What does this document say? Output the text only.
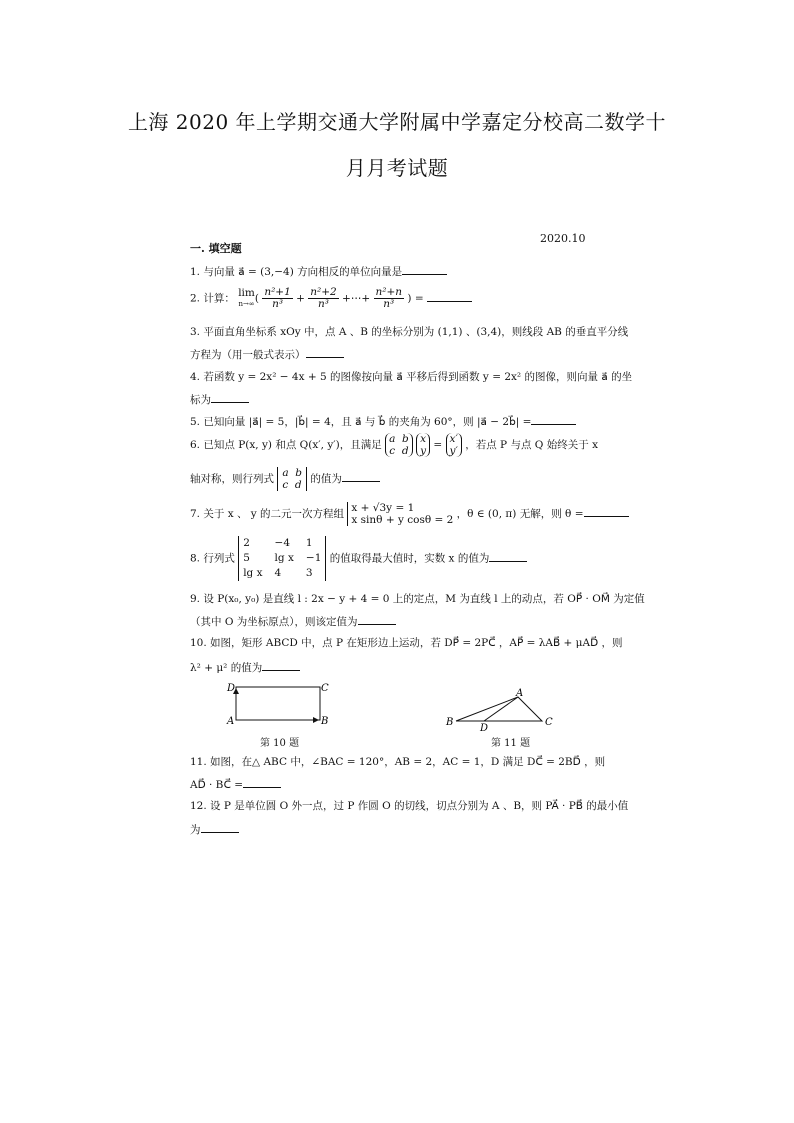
上海 2020 年上学期交通大学附属中学嘉定分校高二数学十
月月考试题
2020.10
一. 填空题
1. 与向量 a⃗ = (3,−4) 方向相反的单位向量是
2. 计算： lim
$n\to\infty( \frac{\text{n²+1}}{\text{n³}} + \frac{\text{n²+2}}{\text{n³}}$ +⋯+ $\frac{\text{n²+n}}{\text{n³}}$ ) =
3. 平面直角坐标系 xOy 中，点 A 、B 的坐标分别为 (1,1) 、(3,4)，则线段 AB 的垂直平分线
方程为（用一般式表示）
4. 若函数 y = 2x² − 4x + 5 的图像按向量 a⃗ 平移后得到函数 y = 2x² 的图像，则向量 a⃗ 的坐
标为
5. 已知向量 |a⃗| = 5，|b⃗| = 4，且 a⃗ 与 b⃗ 的夹角为 60°，则 |a⃗ − 2b⃗| =
6. 已知点 P(x, y) 和点 Q(x′, y′)，且满足 a  b
c  d x
y = x′
y′ ，若点 P 与点 Q 始终关于 x
轴对称，则行列式 a  b
c  d 的值为
7. 关于 x 、 y 的二元一次方程组 x + √3y = 1
x sinθ + y cosθ = 2 ，θ ∈ (0, π) 无解，则 θ =
8. 行列式
2	−4	1
5	lg x	−1
lg x	4	3
的值取得最大值时，实数 x 的值为
9. 设 P(x₀, y₀) 是直线 l : 2x − y + 4 = 0 上的定点，M 为直线 l 上的动点，若 OP⃗ · OM⃗ 为定值
（其中 O 为坐标原点），则该定值为
10. 如图，矩形 ABCD 中，点 P 在矩形边上运动，若 DP⃗ = 2PC⃗ ，AP⃗ = λAB⃗ + μAD⃗ ，则
λ² + μ² 的值为
D	C
A	B
第 10 题
A
B	C
D
第 11 题
11. 如图，在△ ABC 中，∠BAC = 120°，AB = 2，AC = 1，D 满足 DC⃗ = 2BD⃗ ，则
AD⃗ · BC⃗ =
12. 设 P 是单位圆 O 外一点，过 P 作圆 O 的切线，切点分别为 A 、B，则 PA⃗ · PB⃗ 的最小值
为
